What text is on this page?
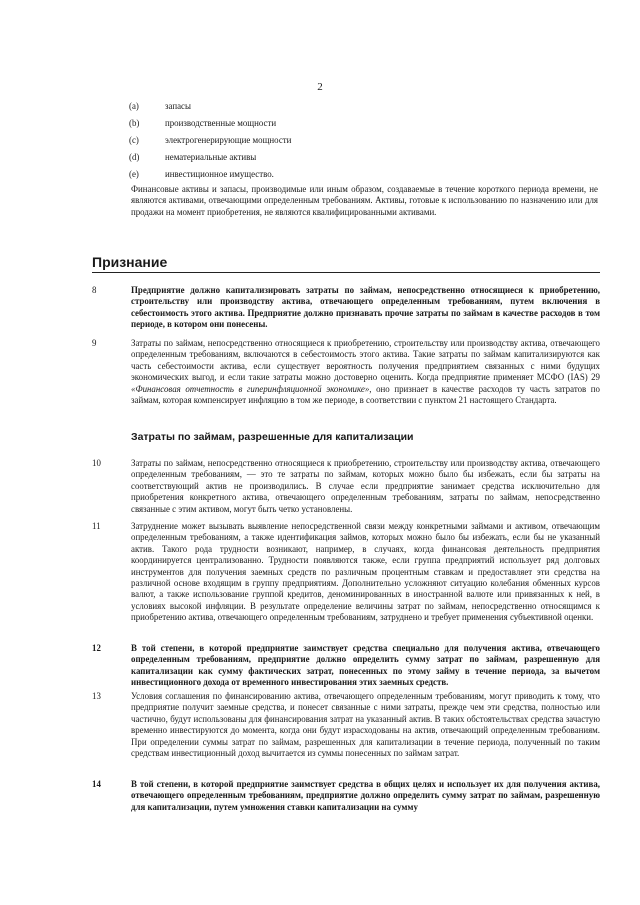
2
(a)	запасы
(b)	производственные мощности
(c)	электрогенерирующие мощности
(d)	нематериальные активы
(e)	инвестиционное имущество.
Финансовые активы и запасы, производимые или иным образом, создаваемые в течение короткого периода времени, не являются активами, отвечающими определенным требованиям. Активы, готовые к использованию по назначению или для продажи на момент приобретения, не являются квалифицированными активами.
Признание
8	Предприятие должно капитализировать затраты по займам, непосредственно относящиеся к приобретению, строительству или производству актива, отвечающего определенным требованиям, путем включения в себестоимость этого актива. Предприятие должно признавать прочие затраты по займам в качестве расходов в том периоде, в котором они понесены.
9	Затраты по займам, непосредственно относящиеся к приобретению, строительству или производству актива, отвечающего определенным требованиям, включаются в себестоимость этого актива. Такие затраты по займам капитализируются как часть себестоимости актива, если существует вероятность получения предприятием связанных с ними будущих экономических выгод, и если такие затраты можно достоверно оценить. Когда предприятие применяет МСФО (IAS) 29 «Финансовая отчетность в гиперинфляционной экономике», оно признает в качестве расходов ту часть затратов по займам, которая компенсирует инфляцию в том же периоде, в соответствии с пунктом 21 настоящего Стандарта.
Затраты по займам, разрешенные для капитализации
10	Затраты по займам, непосредственно относящиеся к приобретению, строительству или производству актива, отвечающего определенным требованиям, — это те затраты по займам, которых можно было бы избежать, если бы затраты на соответствующий актив не производились. В случае если предприятие занимает средства исключительно для приобретения конкретного актива, отвечающего определенным требованиям, затраты по займам, непосредственно связанные с этим активом, могут быть четко установлены.
11	Затруднение может вызывать выявление непосредственной связи между конкретными займами и активом, отвечающим определенным требованиям, а также идентификация займов, которых можно было бы избежать, если бы не указанный актив. Такого рода трудности возникают, например, в случаях, когда финансовая деятельность предприятия координируется централизованно. Трудности появляются также, если группа предприятий использует ряд долговых инструментов для получения заемных средств по различным процентным ставкам и предоставляет эти средства на различной основе входящим в группу предприятиям. Дополнительно усложняют ситуацию колебания обменных курсов валют, а также использование группой кредитов, деноминированных в иностранной валюте или привязанных к ней, в условиях высокой инфляции. В результате определение величины затрат по займам, непосредственно относящимся к приобретению актива, отвечающего определенным требованиям, затруднено и требует применения субъективной оценки.
12	В той степени, в которой предприятие заимствует средства специально для получения актива, отвечающего определенным требованиям, предприятие должно определить сумму затрат по займам, разрешенную для капитализации как сумму фактических затрат, понесенных по этому займу в течение периода, за вычетом инвестиционного дохода от временного инвестирования этих заемных средств.
13	Условия соглашения по финансированию актива, отвечающего определенным требованиям, могут приводить к тому, что предприятие получит заемные средства, и понесет связанные с ними затраты, прежде чем эти средства, полностью или частично, будут использованы для финансирования затрат на указанный актив. В таких обстоятельствах средства зачастую временно инвестируются до момента, когда они будут израсходованы на актив, отвечающий определенным требованиям. При определении суммы затрат по займам, разрешенных для капитализации в течение периода, полученный по таким средствам инвестиционный доход вычитается из суммы понесенных по займам затрат.
14	В той степени, в которой предприятие заимствует средства в общих целях и использует их для получения актива, отвечающего определенным требованиям, предприятие должно определить сумму затрат по займам, разрешенную для капитализации, путем умножения ставки капитализации на сумму
